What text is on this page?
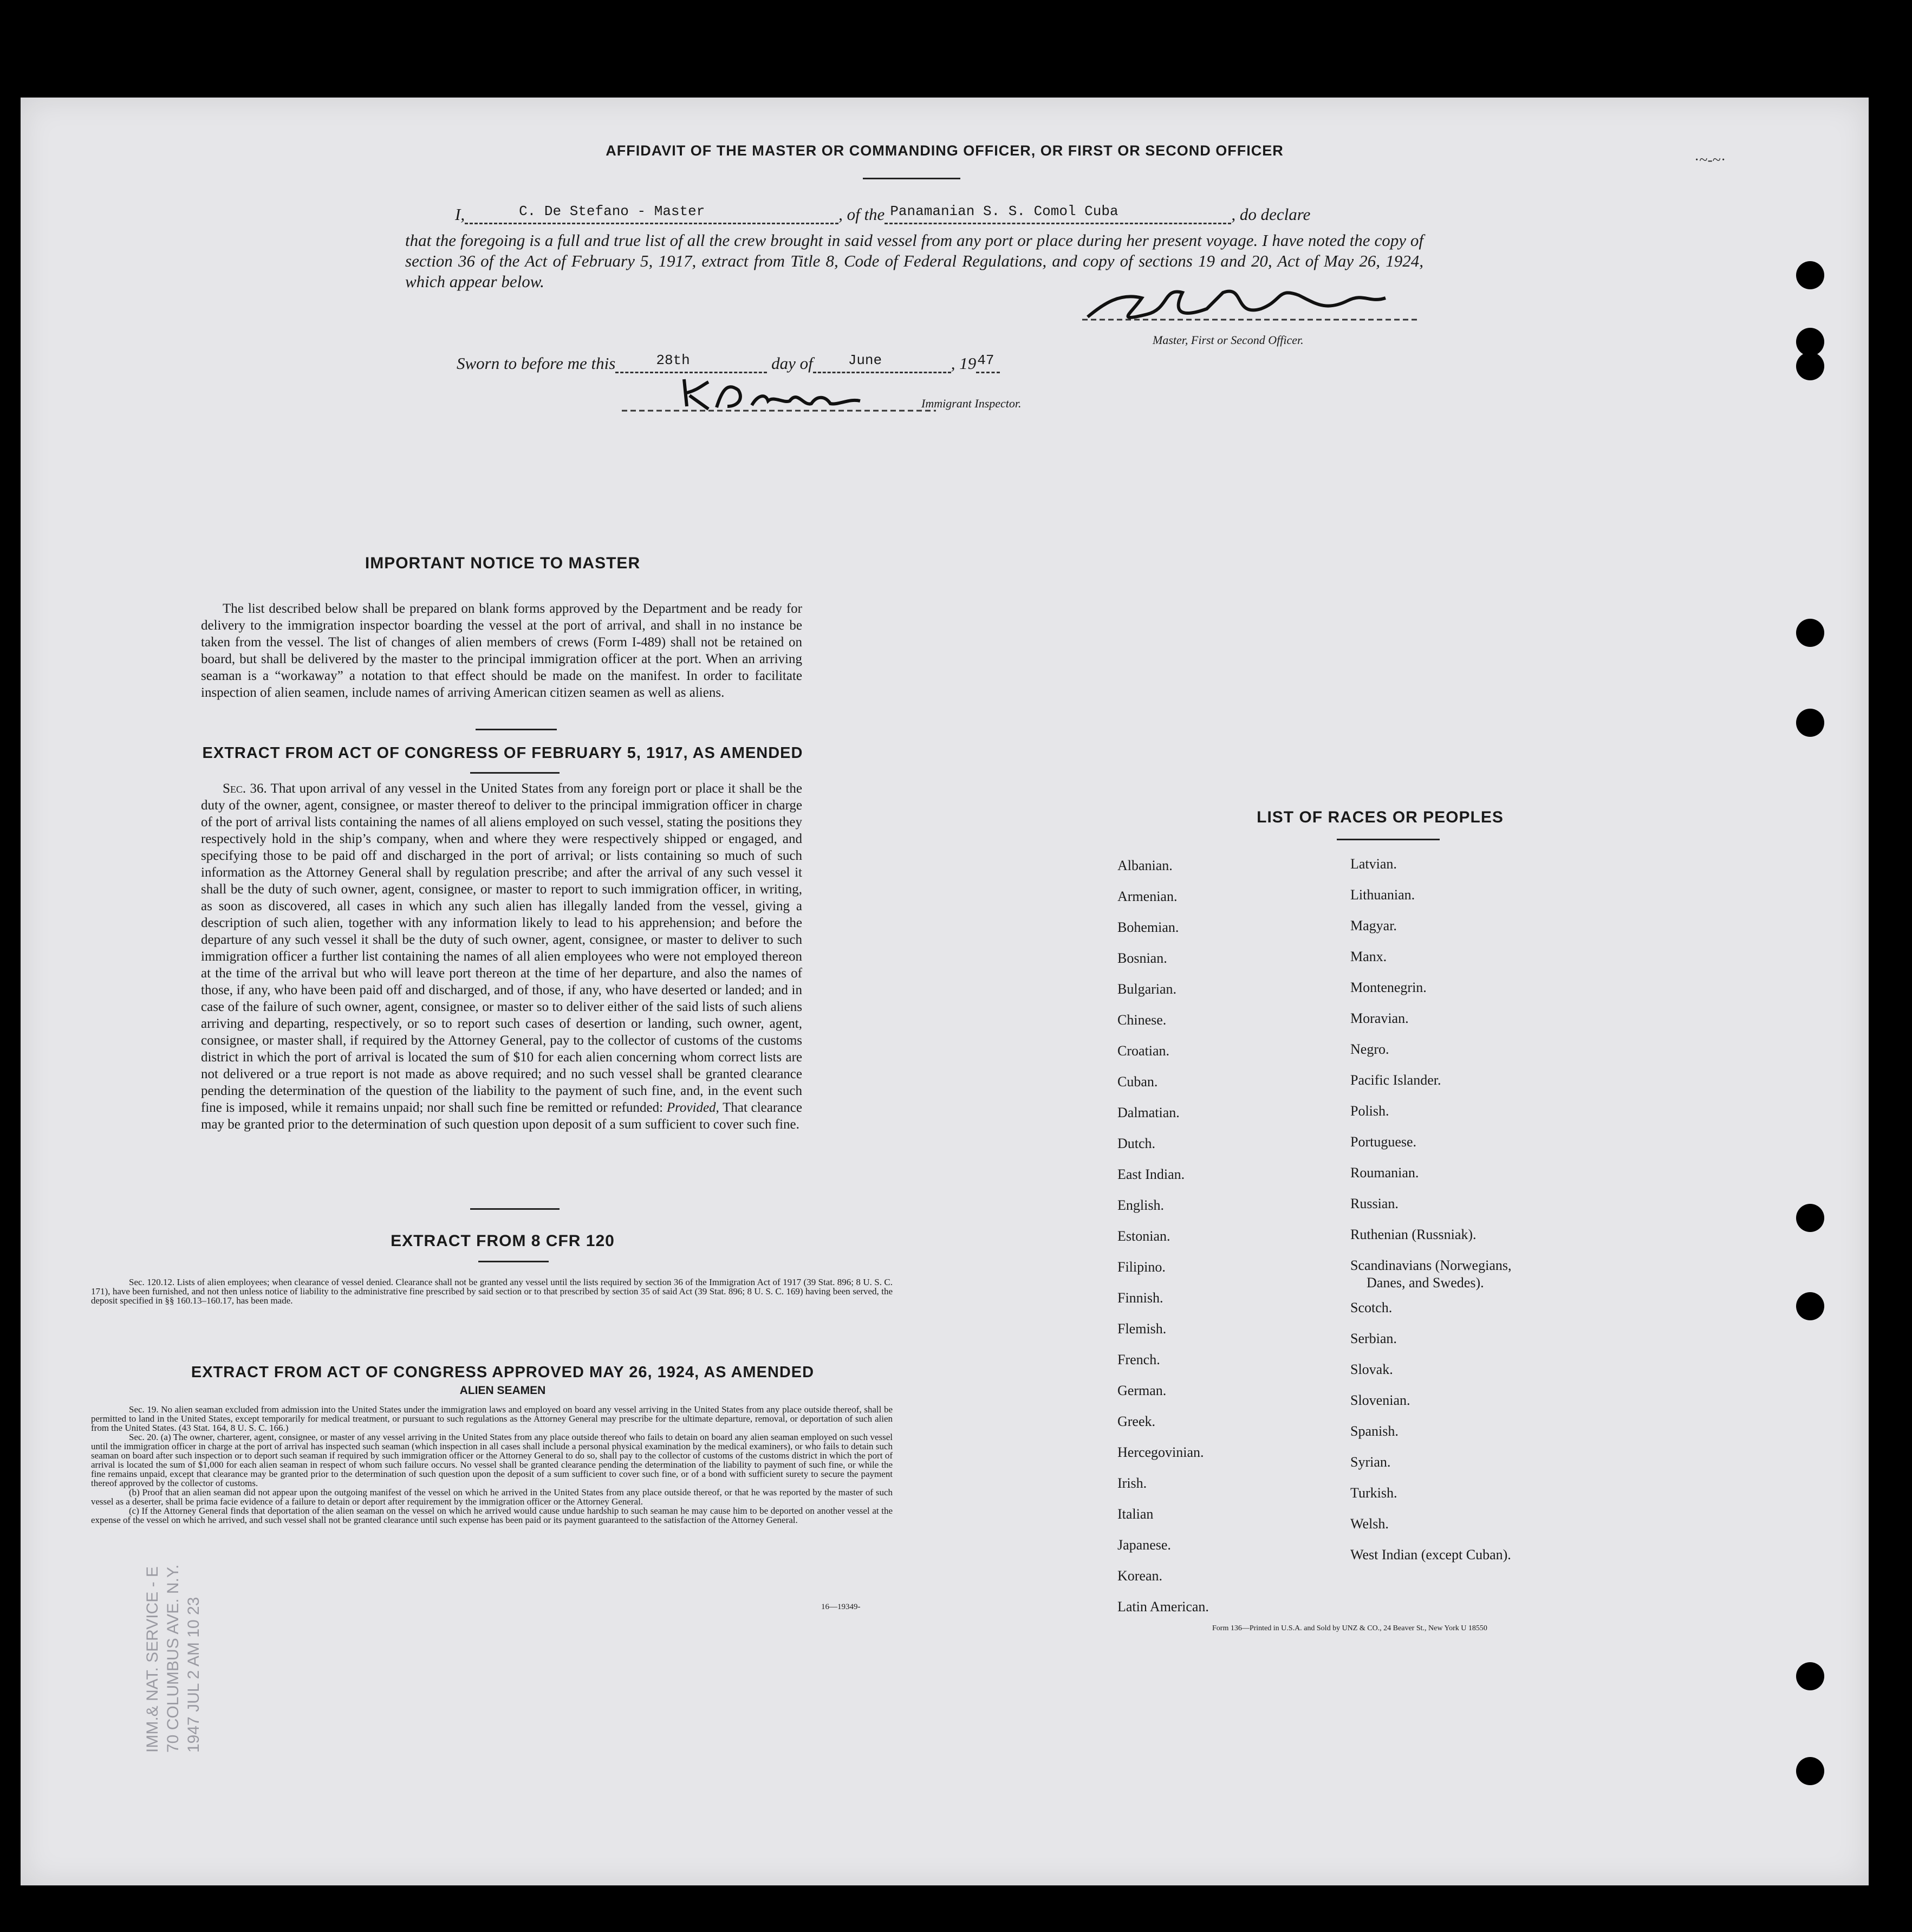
AFFIDAVIT OF THE MASTER OR COMMANDING OFFICER, OR FIRST OR SECOND OFFICER
·~-~·
I,	C. De Stefano - Master	, of the Panamanian S. S. Comol Cuba	, do declare
that the foregoing is a full and true list of all the crew brought in said vessel from any port or place during her present voyage. I have noted the copy of section 36 of the Act of February 5, 1917, extract from Title 8, Code of Federal Regulations, and copy of sections 19 and 20, Act of May 26, 1924, which appear below.
Master, First or Second Officer.
Sworn to before me this	28th	day of	June	, 19 47
Immigrant Inspector.
IMPORTANT NOTICE TO MASTER
The list described below shall be prepared on blank forms approved by the Department and be ready for delivery to the immigration inspector boarding the vessel at the port of arrival, and shall in no instance be taken from the vessel. The list of changes of alien members of crews (Form I-489) shall not be retained on board, but shall be delivered by the master to the principal immigration officer at the port. When an arriving seaman is a “workaway” a notation to that effect should be made on the manifest. In order to facilitate inspection of alien seamen, include names of arriving American citizen seamen as well as aliens.
EXTRACT FROM ACT OF CONGRESS OF FEBRUARY 5, 1917, AS AMENDED
Sec. 36. That upon arrival of any vessel in the United States from any foreign port or place it shall be the duty of the owner, agent, consignee, or master thereof to deliver to the principal immigration officer in charge of the port of arrival lists containing the names of all aliens employed on such vessel, stating the positions they respectively hold in the ship’s company, when and where they were respectively shipped or engaged, and specifying those to be paid off and discharged in the port of arrival; or lists containing so much of such information as the Attorney General shall by regulation prescribe; and after the arrival of any such vessel it shall be the duty of such owner, agent, consignee, or master to report to such immigration officer, in writing, as soon as discovered, all cases in which any such alien has illegally landed from the vessel, giving a description of such alien, together with any information likely to lead to his apprehension; and before the departure of any such vessel it shall be the duty of such owner, agent, consignee, or master to deliver to such immigration officer a further list containing the names of all alien employees who were not employed thereon at the time of the arrival but who will leave port thereon at the time of her departure, and also the names of those, if any, who have been paid off and discharged, and of those, if any, who have deserted or landed; and in case of the failure of such owner, agent, consignee, or master so to deliver either of the said lists of such aliens arriving and departing, respectively, or so to report such cases of desertion or landing, such owner, agent, consignee, or master shall, if required by the Attorney General, pay to the collector of customs of the customs district in which the port of arrival is located the sum of $10 for each alien concerning whom correct lists are not delivered or a true report is not made as above required; and no such vessel shall be granted clearance pending the determination of the question of the liability to the payment of such fine, and, in the event such fine is imposed, while it remains unpaid; nor shall such fine be remitted or refunded: Provided, That clearance may be granted prior to the determination of such question upon deposit of a sum sufficient to cover such fine.
EXTRACT FROM 8 CFR 120
Sec. 120.12. Lists of alien employees; when clearance of vessel denied. Clearance shall not be granted any vessel until the lists required by section 36 of the Immigration Act of 1917 (39 Stat. 896; 8 U. S. C. 171), have been furnished, and not then unless notice of liability to the administrative fine prescribed by said section or to that prescribed by section 35 of said Act (39 Stat. 896; 8 U. S. C. 169) having been served, the deposit specified in §§ 160.13–160.17, has been made.
EXTRACT FROM ACT OF CONGRESS APPROVED MAY 26, 1924, AS AMENDED
ALIEN SEAMEN

Sec. 19. No alien seaman excluded from admission into the United States under the immigration laws and employed on board any vessel arriving in the United States from any place outside thereof, shall be permitted to land in the United States, except temporarily for medical treatment, or pursuant to such regulations as the Attorney General may prescribe for the ultimate departure, removal, or deportation of such alien from the United States. (43 Stat. 164, 8 U. S. C. 166.)

Sec. 20. (a) The owner, charterer, agent, consignee, or master of any vessel arriving in the United States from any place outside thereof who fails to detain on board any alien seaman employed on such vessel until the immigration officer in charge at the port of arrival has inspected such seaman (which inspection in all cases shall include a personal physical examination by the medical examiners), or who fails to detain such seaman on board after such inspection or to deport such seaman if required by such immigration officer or the Attorney General to do so, shall pay to the collector of customs of the customs district in which the port of arrival is located the sum of $1,000 for each alien seaman in respect of whom such failure occurs. No vessel shall be granted clearance pending the determination of the liability to payment of such fine, or while the fine remains unpaid, except that clearance may be granted prior to the determination of such question upon the deposit of a sum sufficient to cover such fine, or of a bond with sufficient surety to secure the payment thereof approved by the collector of customs.

(b) Proof that an alien seaman did not appear upon the outgoing manifest of the vessel on which he arrived in the United States from any place outside thereof, or that he was reported by the master of such vessel as a deserter, shall be prima facie evidence of a failure to detain or deport after requirement by the immigration officer or the Attorney General.

(c) If the Attorney General finds that deportation of the alien seaman on the vessel on which he arrived would cause undue hardship to such seaman he may cause him to be deported on another vessel at the expense of the vessel on which he arrived, and such vessel shall not be granted clearance until such expense has been paid or its payment guaranteed to the satisfaction of the Attorney General.

16—19349-
LIST OF RACES OR PEOPLES
Albanian.
Armenian.
Bohemian.
Bosnian.
Bulgarian.
Chinese.
Croatian.
Cuban.
Dalmatian.
Dutch.
East Indian.
English.
Estonian.
Filipino.
Finnish.
Flemish.
French.
German.
Greek.
Hercegovinian.
Irish.
Italian
Japanese.
Korean.
Latin American.
Latvian.
Lithuanian.
Magyar.
Manx.
Montenegrin.
Moravian.
Negro.
Pacific Islander.
Polish.
Portuguese.
Roumanian.
Russian.
Ruthenian (Russniak).
Scandinavians (Norwegians,
Danes, and Swedes).
Scotch.
Serbian.
Slovak.
Slovenian.
Spanish.
Syrian.
Turkish.
Welsh.
West Indian (except Cuban).
Form 136—Printed in U.S.A. and Sold by UNZ & CO., 24 Beaver St., New York U 18550
IMM.& NAT. SERVICE - E 70 COLUMBUS AVE. N.Y. 1947 JUL 2 AM 10 23
